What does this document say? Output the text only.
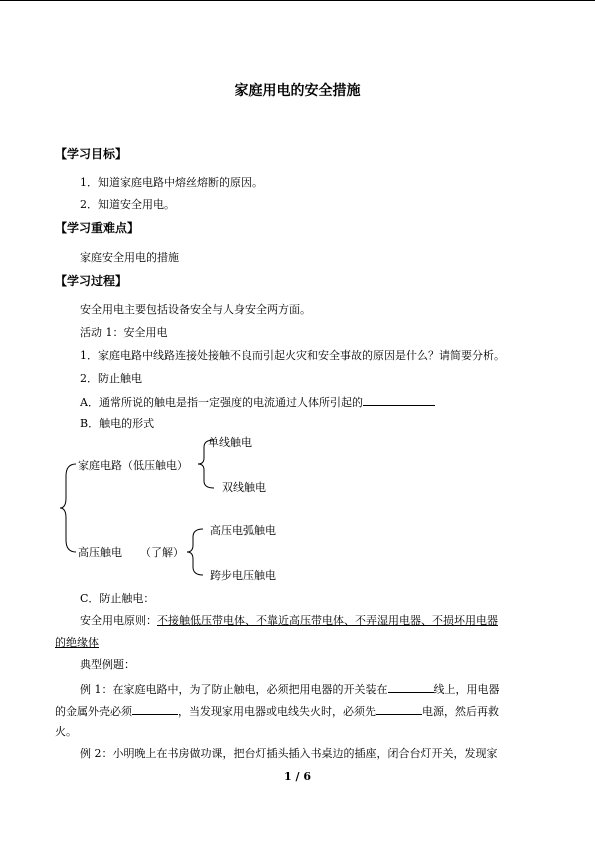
家庭用电的安全措施
【学习目标】
1．知道家庭电路中熔丝熔断的原因。
2．知道安全用电。
【学习重难点】
家庭安全用电的措施
【学习过程】
安全用电主要包括设备安全与人身安全两方面。
活动 1：安全用电
1．家庭电路中线路连接处接触不良而引起火灾和安全事故的原因是什么？请简要分析。
2．防止触电
A．通常所说的触电是指一定强度的电流通过人体所引起的
B．触电的形式
单线触电
家庭电路（低压触电）
双线触电
高压电弧触电
高压触电 （了解）
跨步电压触电
C．防止触电：
安全用电原则：不接触低压带电体、不靠近高压带电体、不弄湿用电器、不损坏用电器
的绝缘体
典型例题：
例 1：在家庭电路中，为了防止触电，必须把用电器的开关装在	线上，用电器
的金属外壳必须	，当发现家用电器或电线失火时，必须先	电源，然后再救
火。
例 2：小明晚上在书房做功课，把台灯插头插入书桌边的插座，闭合台灯开关，发现家
1 / 6
